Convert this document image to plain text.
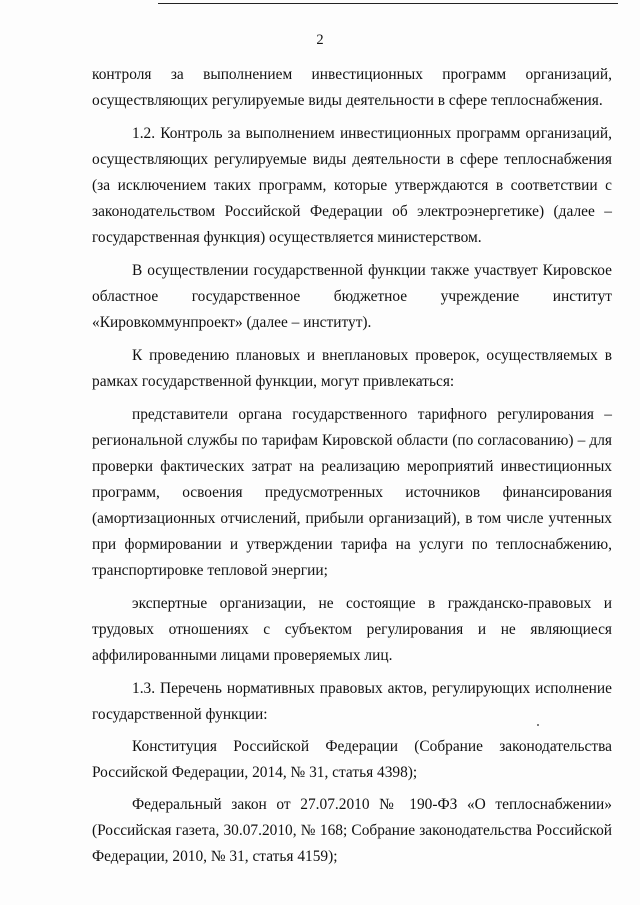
2

контроля за выполнением инвестиционных программ организаций, осуществляющих регулируемые виды деятельности в сфере теплоснабжения.

1.2. Контроль за выполнением инвестиционных программ организаций, осуществляющих регулируемые виды деятельности в сфере теплоснабжения (за исключением таких программ, которые утверждаются в соответствии с законодательством Российской Федерации об электроэнергетике) (далее – государственная функция) осуществляется министерством.

В осуществлении государственной функции также участвует Кировское областное государственное бюджетное учреждение институт «Кировкоммунпроект» (далее – институт).

К проведению плановых и внеплановых проверок, осуществляемых в рамках государственной функции, могут привлекаться:

представители органа государственного тарифного регулирования – региональной службы по тарифам Кировской области (по согласованию) – для проверки фактических затрат на реализацию мероприятий инвестиционных программ, освоения предусмотренных источников финансирования (амортизационных отчислений, прибыли организаций), в том числе учтенных при формировании и утверждении тарифа на услуги по теплоснабжению, транспортировке тепловой энергии;

экспертные организации, не состоящие в гражданско-правовых и трудовых отношениях с субъектом регулирования и не являющиеся аффилированными лицами проверяемых лиц.

1.3. Перечень нормативных правовых актов, регулирующих исполнение государственной функции:

Конституция Российской Федерации (Собрание законодательства Российской Федерации, 2014, № 31, статья 4398);

Федеральный закон от 27.07.2010 № 190-ФЗ «О теплоснабжении» (Российская газета, 30.07.2010, № 168; Собрание законодательства Российской Федерации, 2010, № 31, статья 4159);
